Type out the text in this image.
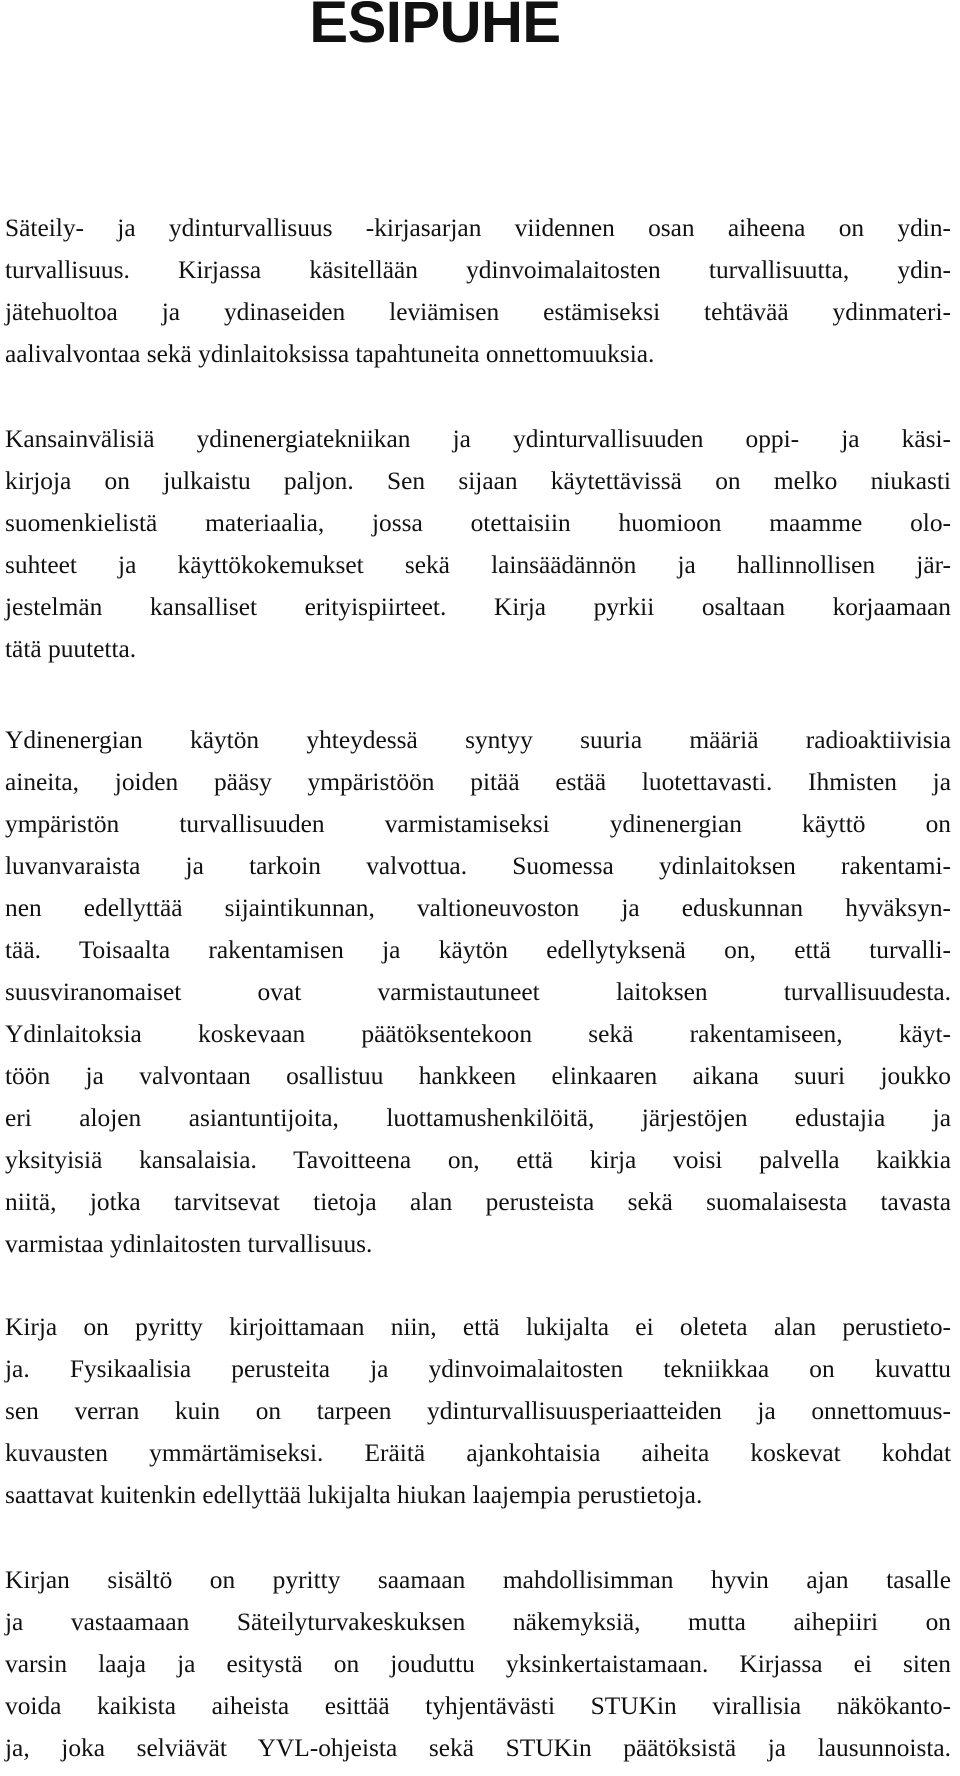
ESIPUHE
Säteily- ja ydinturvallisuus -kirjasarjan viidennen osan aiheena on ydin-
turvallisuus. Kirjassa käsitellään ydinvoimalaitosten turvallisuutta, ydin-
jätehuoltoa ja ydinaseiden leviämisen estämiseksi tehtävää ydinmateri-
aalivalvontaa sekä ydinlaitoksissa tapahtuneita onnettomuuksia.
Kansainvälisiä ydinenergiatekniikan ja ydinturvallisuuden oppi- ja käsi-
kirjoja on julkaistu paljon. Sen sijaan käytettävissä on melko niukasti
suomenkielistä materiaalia, jossa otettaisiin huomioon maamme olo-
suhteet ja käyttökokemukset sekä lainsäädännön ja hallinnollisen jär-
jestelmän kansalliset erityispiirteet. Kirja pyrkii osaltaan korjaamaan
tätä puutetta.
Ydinenergian käytön yhteydessä syntyy suuria määriä radioaktiivisia
aineita, joiden pääsy ympäristöön pitää estää luotettavasti. Ihmisten ja
ympäristön turvallisuuden varmistamiseksi ydinenergian käyttö on
luvanvaraista ja tarkoin valvottua. Suomessa ydinlaitoksen rakentami-
nen edellyttää sijaintikunnan, valtioneuvoston ja eduskunnan hyväksyn-
tää. Toisaalta rakentamisen ja käytön edellytyksenä on, että turvalli-
suusviranomaiset ovat varmistautuneet laitoksen turvallisuudesta.
Ydinlaitoksia koskevaan päätöksentekoon sekä rakentamiseen, käyt-
töön ja valvontaan osallistuu hankkeen elinkaaren aikana suuri joukko
eri alojen asiantuntijoita, luottamushenkilöitä, järjestöjen edustajia ja
yksityisiä kansalaisia. Tavoitteena on, että kirja voisi palvella kaikkia
niitä, jotka tarvitsevat tietoja alan perusteista sekä suomalaisesta tavasta
varmistaa ydinlaitosten turvallisuus.
Kirja on pyritty kirjoittamaan niin, että lukijalta ei oleteta alan perustieto-
ja. Fysikaalisia perusteita ja ydinvoimalaitosten tekniikkaa on kuvattu
sen verran kuin on tarpeen ydinturvallisuusperiaatteiden ja onnettomuus-
kuvausten ymmärtämiseksi. Eräitä ajankohtaisia aiheita koskevat kohdat
saattavat kuitenkin edellyttää lukijalta hiukan laajempia perustietoja.
Kirjan sisältö on pyritty saamaan mahdollisimman hyvin ajan tasalle
ja vastaamaan Säteilyturvakeskuksen näkemyksiä, mutta aihepiiri on
varsin laaja ja esitystä on jouduttu yksinkertaistamaan. Kirjassa ei siten
voida kaikista aiheista esittää tyhjentävästi STUKin virallisia näkökanto-
ja, joka selviävät YVL-ohjeista sekä STUKin päätöksistä ja lausunnoista.
